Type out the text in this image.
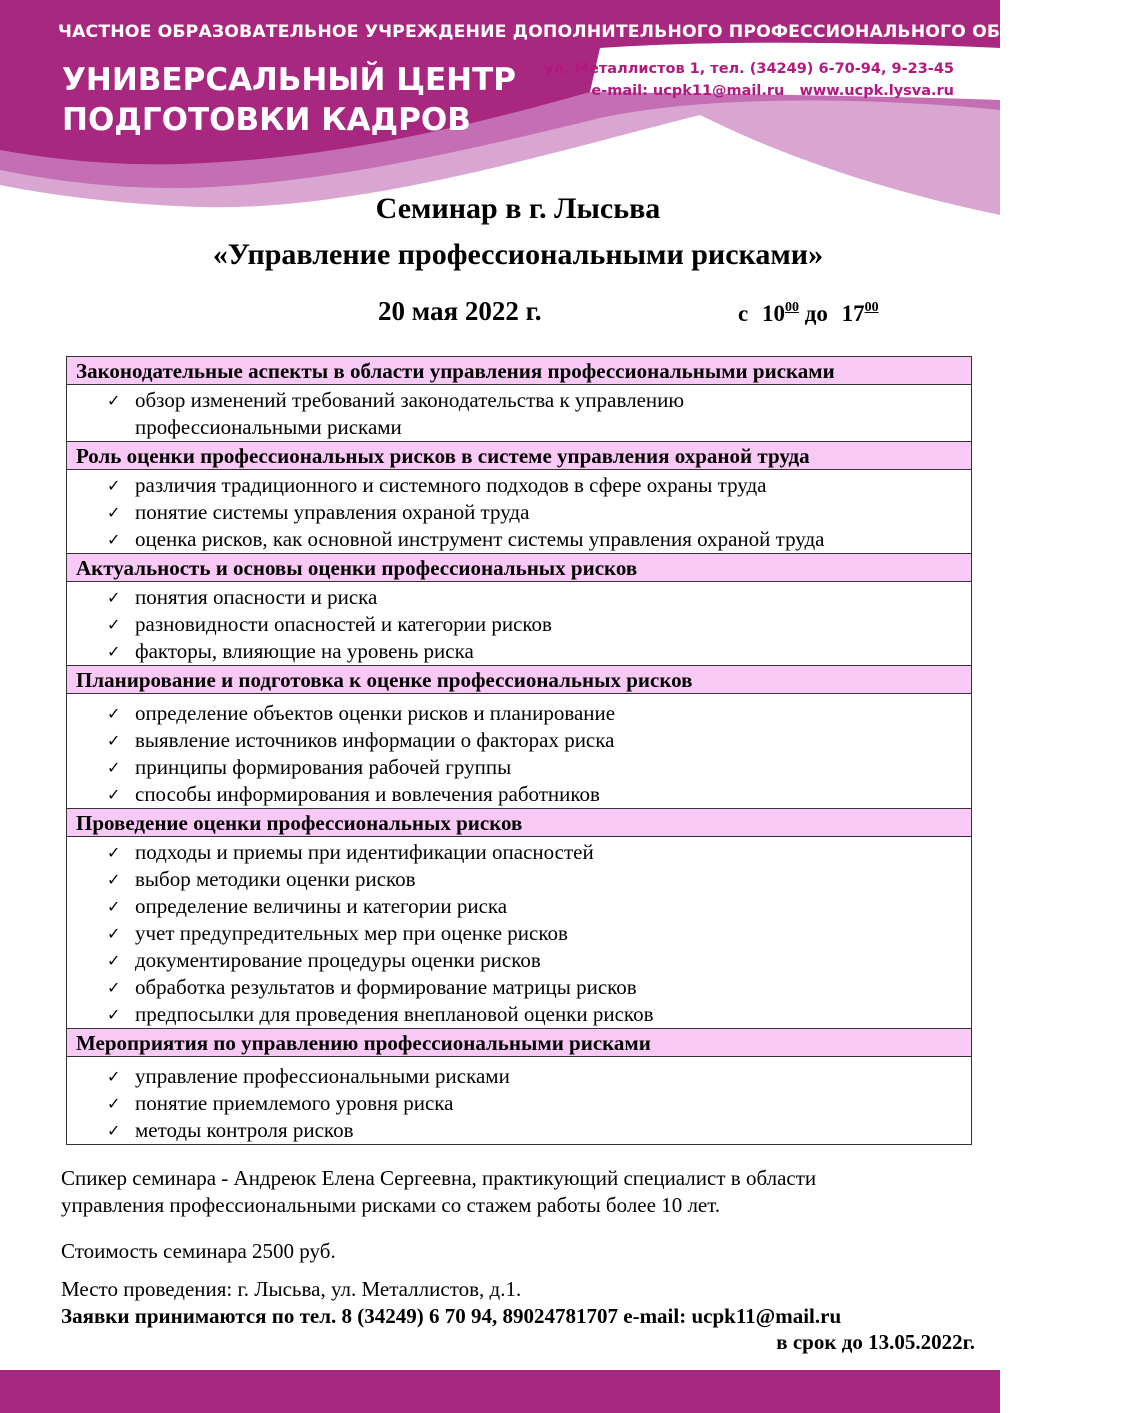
ЧАСТНОЕ ОБРАЗОВАТЕЛЬНОЕ УЧРЕЖДЕНИЕ ДОПОЛНИТЕЛЬНОГО ПРОФЕССИОНАЛЬНОГО ОБРАЗОВАНИЯ
УНИВЕРСАЛЬНЫЙ ЦЕНТР
ПОДГОТОВКИ КАДРОВ
ул. Металлистов 1, тел. (34249) 6-70-94, 9-23-45
e-mail: ucpk11@mail.ru   www.ucpk.lysva.ru
Семинар в г. Лысьва
«Управление профессиональными рисками»
20 мая 2022 г.	с $10^{00}$ до $17^{00}$
Законодательные аспекты в области управления профессиональными рисками
✓ обзор изменений требований законодательства к управлению
профессиональными рисками
Роль оценки профессиональных рисков в системе управления охраной труда
✓ различия традиционного и системного подходов в сфере охраны труда
✓ понятие системы управления охраной труда
✓ оценка рисков, как основной инструмент системы управления охраной труда
Актуальность и основы оценки профессиональных рисков
✓ понятия опасности и риска
✓ разновидности опасностей и категории рисков
✓ факторы, влияющие на уровень риска
Планирование и подготовка к оценке профессиональных рисков
✓ определение объектов оценки рисков и планирование
✓ выявление источников информации о факторах риска
✓ принципы формирования рабочей группы
✓ способы информирования и вовлечения работников
Проведение оценки профессиональных рисков
✓ подходы и приемы при идентификации опасностей
✓ выбор методики оценки рисков
✓ определение величины и категории риска
✓ учет предупредительных мер при оценке рисков
✓ документирование процедуры оценки рисков
✓ обработка результатов и формирование матрицы рисков
✓ предпосылки для проведения внеплановой оценки рисков
Мероприятия по управлению профессиональными рисками
✓ управление профессиональными рисками
✓ понятие приемлемого уровня риска
✓ методы контроля рисков
Спикер семинара - Андреюк Елена Сергеевна, практикующий специалист в области
управления профессиональными рисками со стажем работы более 10 лет.
Стоимость семинара 2500 руб.
Место проведения: г. Лысьва, ул. Металлистов, д.1.
Заявки принимаются по тел. 8 (34249) 6 70 94, 89024781707 e-mail: ucpk11@mail.ru
в срок до 13.05.2022г.
